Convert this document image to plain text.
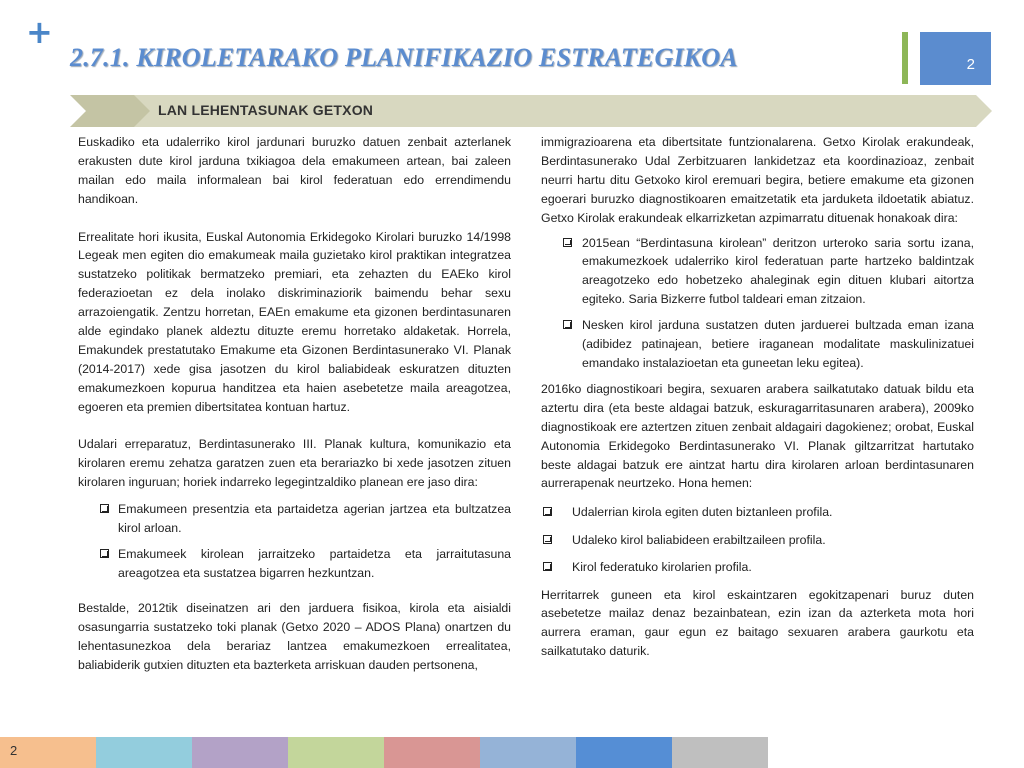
+
2.7.1. KIROLETARAKO PLANIFIKAZIO ESTRATEGIKOA	2
LAN LEHENTASUNAK GETXON

Euskadiko eta udalerriko kirol jardunari buruzko datuen zenbait azterlanek erakusten dute kirol jarduna txikiagoa dela emakumeen artean, bai zaleen mailan edo maila informalean bai kirol federatuan edo errendimendu handikoan.

Errealitate hori ikusita, Euskal Autonomia Erkidegoko Kirolari buruzko 14/1998 Legeak men egiten dio emakumeak maila guzietako kirol praktikan integratzea sustatzeko politikak bermatzeko premiari, eta zehazten du EAEko kirol federazioetan ez dela inolako diskriminaziorik baimendu behar sexu arrazoiengatik. Zentzu horretan, EAEn emakume eta gizonen berdintasunaren alde egindako planek aldeztu dituzte eremu horretako aldaketak. Horrela, Emakundek prestatutako Emakume eta Gizonen Berdintasunerako VI. Planak (2014-2017) xede gisa jasotzen du kirol baliabideak eskuratzen dituzten emakumezkoen kopurua handitzea eta haien asebetetze maila areagotzea, egoeren eta premien dibertsitatea kontuan hartuz.

Udalari erreparatuz, Berdintasunerako III. Planak kultura, komunikazio eta kirolaren eremu zehatza garatzen zuen eta berariazko bi xede jasotzen zituen kirolaren inguruan; horiek indarreko legegintzaldiko planean ere jaso dira:

Emakumeen presentzia eta partaidetza agerian jartzea eta bultzatzea kirol arloan.
Emakumeek kirolean jarraitzeko partaidetza eta jarraitutasuna areagotzea eta sustatzea bigarren hezkuntzan.

Bestalde, 2012tik diseinatzen ari den jarduera fisikoa, kirola eta aisialdi osasungarria sustatzeko toki planak (Getxo 2020 – ADOS Plana) onartzen du lehentasunezkoa dela berariaz lantzea emakumezkoen errealitatea, baliabiderik gutxien dituzten eta bazterketa arriskuan dauden pertsonena,

immigrazioarena eta dibertsitate funtzionalarena. Getxo Kirolak erakundeak, Berdintasunerako Udal Zerbitzuaren lankidetzaz eta koordinazioaz, zenbait neurri hartu ditu Getxoko kirol eremuari begira, betiere emakume eta gizonen egoerari buruzko diagnostikoaren emaitzetatik eta jarduketa ildoetatik abiatuz. Getxo Kirolak erakundeak elkarrizketan azpimarratu dituenak honakoak dira:

2015ean “Berdintasuna kirolean” deritzon urteroko saria sortu izana, emakumezkoek udalerriko kirol federatuan parte hartzeko baldintzak areagotzeko edo hobetzeko ahaleginak egin dituen klubari aitortza egiteko. Saria Bizkerre futbol taldeari eman zitzaion.
Nesken kirol jarduna sustatzen duten jarduerei bultzada eman izana (adibidez patinajean, betiere iraganean modalitate maskulinizatuei emandako instalazioetan eta guneetan leku egitea).

2016ko diagnostikoari begira, sexuaren arabera sailkatutako datuak bildu eta aztertu dira (eta beste aldagai batzuk, eskuragarritasunaren arabera), 2009ko diagnostikoak ere aztertzen zituen zenbait aldagairi dagokienez; orobat, Euskal Autonomia Erkidegoko Berdintasunerako VI. Planak giltzarritzat hartutako beste aldagai batzuk ere aintzat hartu dira kirolaren arloan berdintasunaren aurrerapenak neurtzeko. Hona hemen:

Udalerrian kirola egiten duten biztanleen profila.
Udaleko kirol baliabideen erabiltzaileen profila.
Kirol federatuko kirolarien profila.

Herritarrek guneen eta kirol eskaintzaren egokitzapenari buruz duten asebetetze mailaz denaz bezainbatean, ezin izan da azterketa mota hori aurrera eraman, gaur egun ez baitago sexuaren arabera gaurkotu eta sailkatutako daturik.

2
